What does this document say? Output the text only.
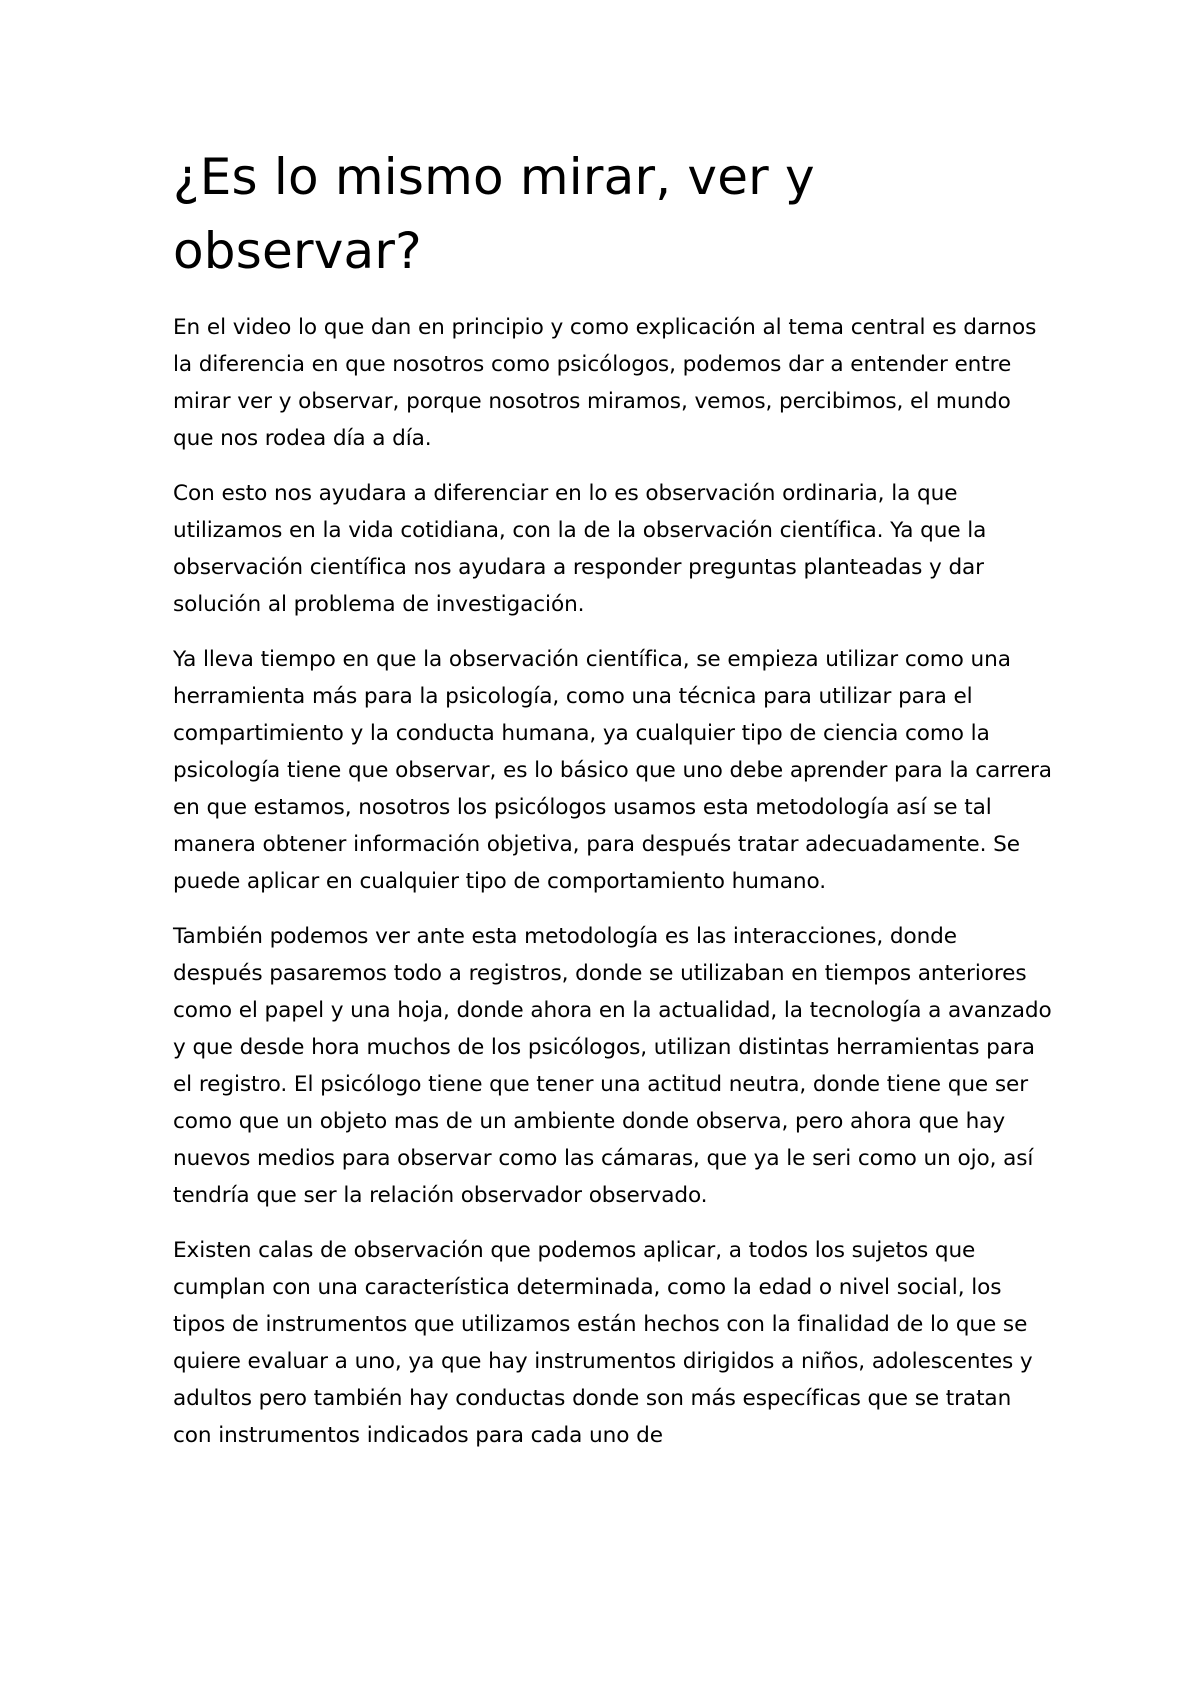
¿Es lo mismo mirar, ver y observar?

En el video lo que dan en principio y como explicación al tema central es darnos la diferencia en que nosotros como psicólogos, podemos dar a entender entre mirar ver y observar, porque nosotros miramos, vemos, percibimos, el mundo que nos rodea día a día.

Con esto nos ayudara a diferenciar en lo es observación ordinaria, la que utilizamos en la vida cotidiana, con la de la observación científica. Ya que la observación científica nos ayudara a responder preguntas planteadas y dar solución al problema de investigación.

Ya lleva tiempo en que la observación científica, se empieza utilizar como una herramienta más para la psicología, como una técnica para utilizar para el compartimiento y la conducta humana, ya cualquier tipo de ciencia como la psicología tiene que observar, es lo básico que uno debe aprender para la carrera en que estamos, nosotros los psicólogos usamos esta metodología así se tal manera obtener información objetiva, para después tratar adecuadamente. Se puede aplicar en cualquier tipo de comportamiento humano.

También podemos ver ante esta metodología es las interacciones, donde después pasaremos todo a registros, donde se utilizaban en tiempos anteriores como el papel y una hoja, donde ahora en la actualidad, la tecnología a avanzado y que desde hora muchos de los psicólogos, utilizan distintas herramientas para el registro. El psicólogo tiene que tener una actitud neutra, donde tiene que ser como que un objeto mas de un ambiente donde observa, pero ahora que hay nuevos medios para observar como las cámaras, que ya le seri como un ojo, así tendría que ser la relación observador observado.

Existen calas de observación que podemos aplicar, a todos los sujetos que cumplan con una característica determinada, como la edad o nivel social, los tipos de instrumentos que utilizamos están hechos con la finalidad de lo que se quiere evaluar a uno, ya que hay instrumentos dirigidos a niños, adolescentes y adultos pero también hay conductas donde son más específicas que se tratan con instrumentos indicados para cada uno de
